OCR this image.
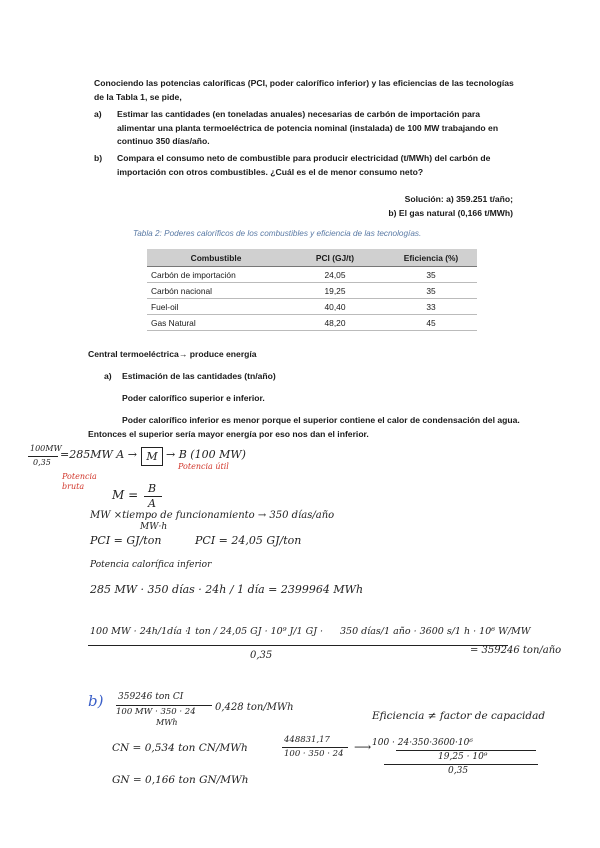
Conociendo las potencias caloríficas (PCI, poder calorífico inferior) y las eficiencias de las tecnologías de la Tabla 1, se pide,
a) Estimar las cantidades (en toneladas anuales) necesarias de carbón de importación para alimentar una planta termoeléctrica de potencia nominal (instalada) de 100 MW trabajando en continuo 350 días/año.
b) Compara el consumo neto de combustible para producir electricidad (t/MWh) del carbón de importación con otros combustibles. ¿Cuál es el de menor consumo neto?
Solución: a) 359.251 t/año;
b) El gas natural (0,166 t/MWh)
Tabla 2: Poderes caloríficos de los combustibles y eficiencia de las tecnologías.
Combustible	PCI (GJ/t)	Eficiencia (%)
Carbón de importación	24,05	35
Carbón nacional	19,25	35
Fuel-oil	40,40	33
Gas Natural	48,20	45
Central termoeléctrica→ produce energía
a) Estimación de las cantidades (tn/año)
Poder calorífico superior e inferior.
Poder calorífico inferior es menor porque el superior contiene el calor de condensación del agua. Entonces el superior sería mayor energía por eso nos dan el inferior.
100MW
0,35
=285MW A → M → B (100 MW)
Potencia útil
Potencia bruta
M = B
A
MW ×tiempo de funcionamiento → 350 días/año
MW·h
PCI = GJ/ton	PCI = 24,05 GJ/ton
Potencia calorífica inferior
285 MW · 350 días · 24h / 1 día = 2399964 MWh
100 MW · 24h/1día ·
1 ton / 24,05 GJ · 10⁹ J/1 GJ · 350 días/1 año · 3600 s/1 h · 10⁶ W/MW
0,35	= 359246 ton/año
b) 359246 ton CI
100 MW · 350 · 24
MWh
0,428 ton/MWh
Eficiencia ≠ factor de capacidad
CN = 0,534 ton CN/MWh
448831,17
100 · 350 · 24 ⟶ 100 · 24·350·3600·10⁶
19,25 · 10⁹
0,35
GN = 0,166 ton GN/MWh
